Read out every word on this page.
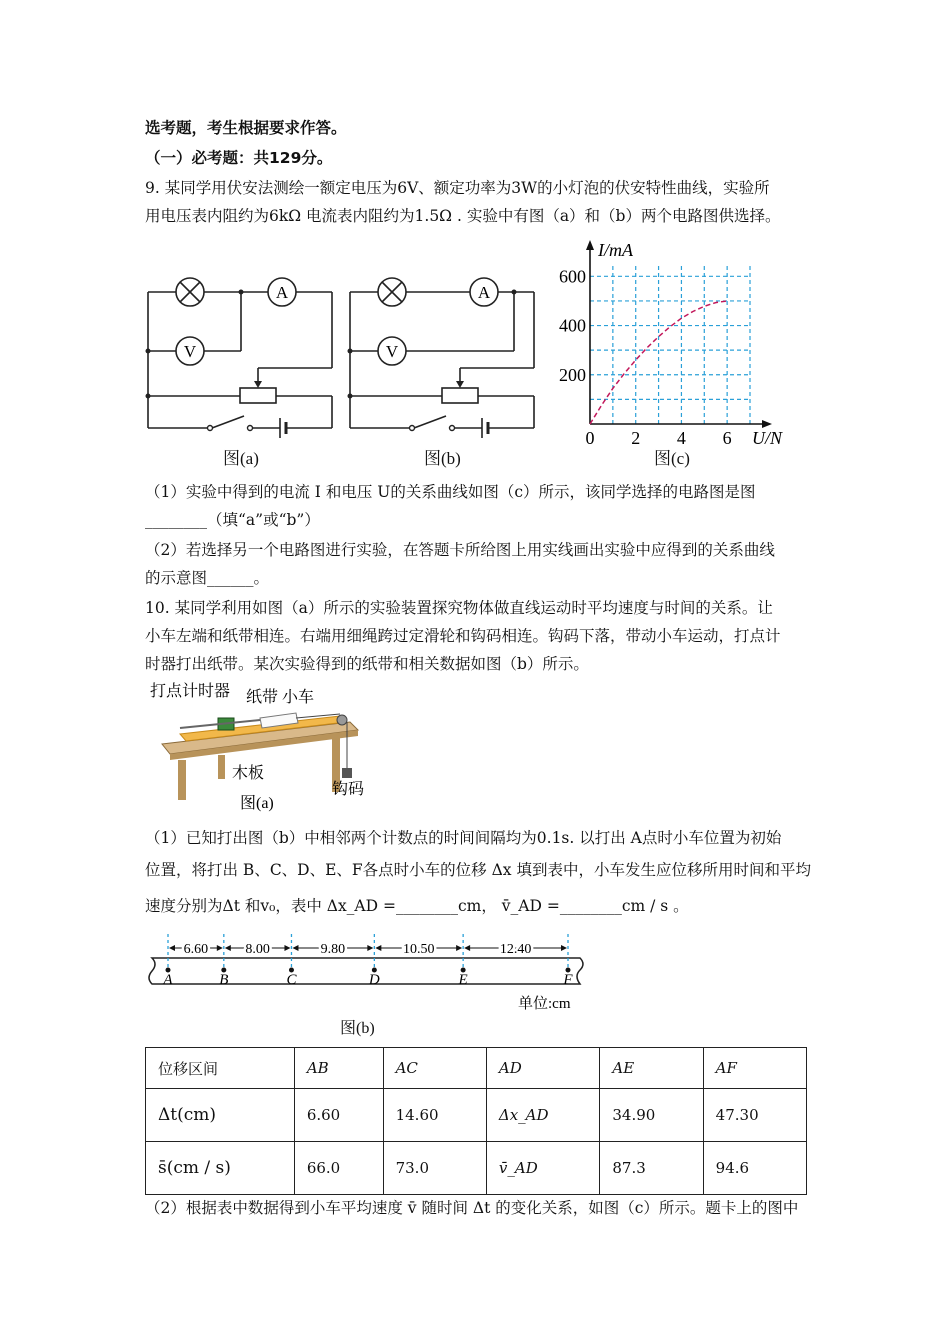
选考题，考生根据要求作答。
（一）必考题：共129分。
9. 某同学用伏安法测绘一额定电压为6V、额定功率为3W的小灯泡的伏安特性曲线，实验所
用电压表内阻约为6kΩ 电流表内阻约为1.5Ω . 实验中有图（a）和（b）两个电路图供选择。
A
V
图(a)
A
V
图(b)
0 2 4 6
200
400
600
I/mA
U/N
图(c)
（1）实验中得到的电流 I 和电压 U的关系曲线如图（c）所示，该同学选择的电路图是图
________（填“a”或“b”）
（2）若选择另一个电路图进行实验，在答题卡所给图上用实线画出实验中应得到的关系曲线
的示意图______。
10. 某同学利用如图（a）所示的实验装置探究物体做直线运动时平均速度与时间的关系。让
小车左端和纸带相连。右端用细绳跨过定滑轮和钩码相连。钩码下落，带动小车运动，打点计
时器打出纸带。某次实验得到的纸带和相关数据如图（b）所示。
打点计时器 纸带 小车
木板
钩码
图(a)
（1）已知打出图（b）中相邻两个计数点的时间间隔均为0.1s. 以打出 A点时小车位置为初始
位置，将打出 B、C、D、E、F各点时小车的位移 Δx 填到表中，小车发生应位移所用时间和平均
速度分别为Δt 和v₀，表中 Δx_AD =________cm， v̄_AD =________cm / s 。
单位:cm
A	B	C	D	E	F
6.60	8.00	9.80	10.50	12.40
图(b)
位移区间	AB	AC	AD	AE	AF
Δt(cm)	6.60	14.60	Δx_AD	34.90	47.30
s̄(cm / s)	66.0	73.0	v̄_AD	87.3	94.6
（2）根据表中数据得到小车平均速度 v̄ 随时间 Δt 的变化关系，如图（c）所示。题卡上的图中
